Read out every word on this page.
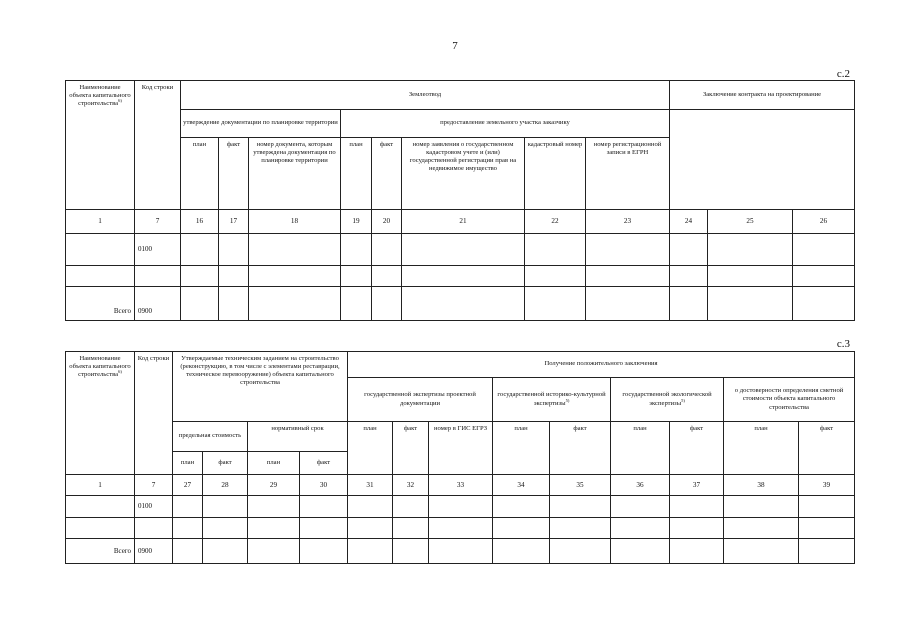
7
с.2
Наименование объекта капитального строительства$^{6)}$	Код строки	Землеотвод								Заключение контракта на проектирование		
		утверждение документации по планировке территории			предоставление земельного участка заказчику							
		план	факт	номер документа, которым утверждена документация по планировке территории	план	факт	номер заявления о государственном кадастровом учете и (или) государственной регистрации прав на недвижимое имущество	кадастровый номер	номер регистрационной записи в ЕГРН			
1	7	16	17	18	19	20	21	22	23	24	25	26
	0100											

Всего	0900											
с.3
Наименование объекта капитального строительства$^{6)}$	Код строки	Утверждаемые техническим заданием на строительство (реконструкцию, в том числе с элементами реставрации, техническое перевооружение) объекта капитального строительства				Получение положительного заключения								
						государственной экспертизы проектной документации			государственной историко-культурной экспертизы$^{5)}$		государственной экологической экспертизы$^{5)}$		о достоверности определения сметной стоимости объекта капитального строительства	
		предельная стоимость		нормативный срок		план	факт	номер в ГИС ЕГРЗ	план	факт	план	факт	план	факт
		план	факт	план	факт									
1	7	27	28	29	30	31	32	33	34	35	36	37	38	39
	0100													

Всего	0900													
